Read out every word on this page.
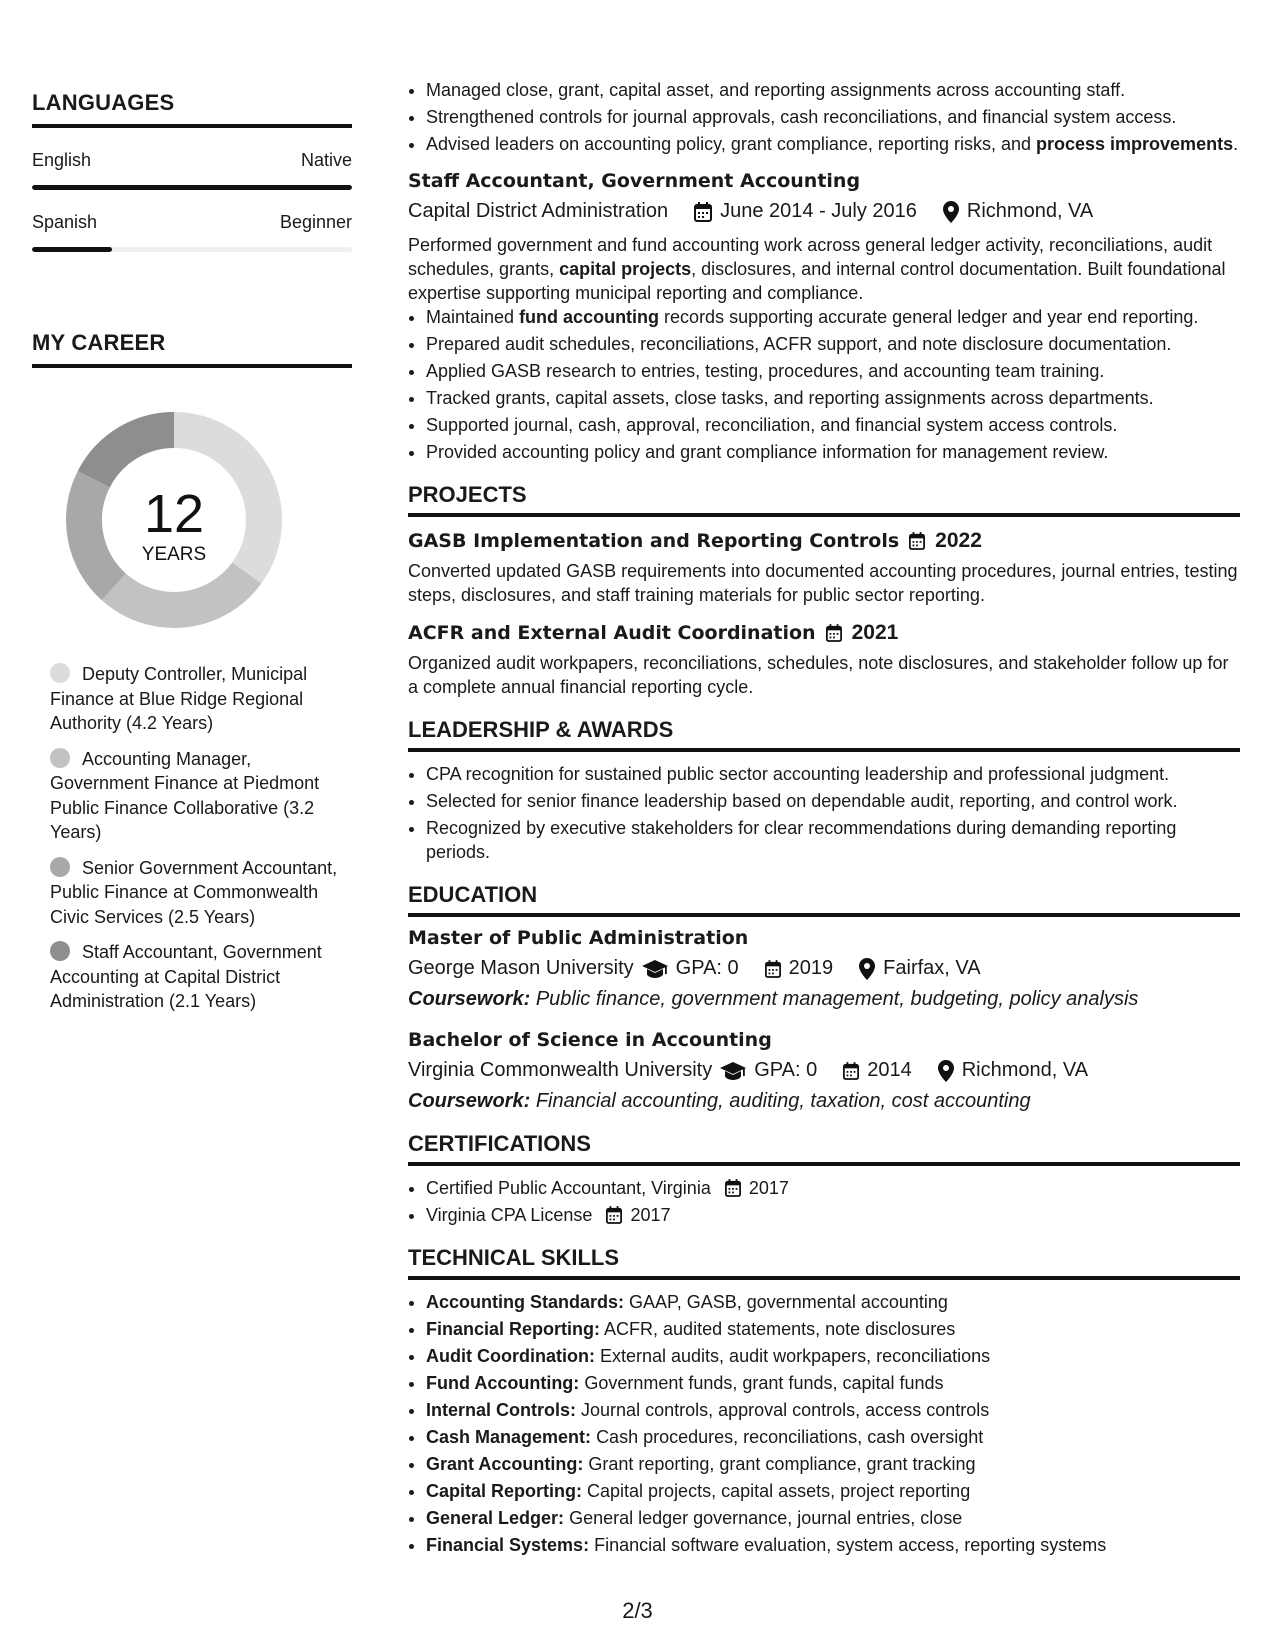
LANGUAGES
English	Native
Spanish	Beginner
MY CAREER
12
YEARS
Deputy Controller, Municipal Finance at Blue Ridge Regional Authority (4.2 Years)
Accounting Manager, Government Finance at Piedmont Public Finance Collaborative (3.2 Years)
Senior Government Accountant, Public Finance at Commonwealth Civic Services (2.5 Years)
Staff Accountant, Government Accounting at Capital District Administration (2.1 Years)
• Managed close, grant, capital asset, and reporting assignments across accounting staff.
• Strengthened controls for journal approvals, cash reconciliations, and financial system access.
• Advised leaders on accounting policy, grant compliance, reporting risks, and process improvements.
Staff Accountant, Government Accounting
Capital District Administration	June 2014 - July 2016	Richmond, VA
Performed government and fund accounting work across general ledger activity, reconciliations, audit schedules, grants, capital projects, disclosures, and internal control documentation. Built foundational expertise supporting municipal reporting and compliance.
• Maintained fund accounting records supporting accurate general ledger and year end reporting.
• Prepared audit schedules, reconciliations, ACFR support, and note disclosure documentation.
• Applied GASB research to entries, testing, procedures, and accounting team training.
• Tracked grants, capital assets, close tasks, and reporting assignments across departments.
• Supported journal, cash, approval, reconciliation, and financial system access controls.
• Provided accounting policy and grant compliance information for management review.
PROJECTS
GASB Implementation and Reporting Controls 2022
Converted updated GASB requirements into documented accounting procedures, journal entries, testing steps, disclosures, and staff training materials for public sector reporting.
ACFR and External Audit Coordination 2021
Organized audit workpapers, reconciliations, schedules, note disclosures, and stakeholder follow up for a complete annual financial reporting cycle.
LEADERSHIP & AWARDS
• CPA recognition for sustained public sector accounting leadership and professional judgment.
• Selected for senior finance leadership based on dependable audit, reporting, and control work.
• Recognized by executive stakeholders for clear recommendations during demanding reporting periods.
EDUCATION
Master of Public Administration
George Mason University GPA: 0	2019	Fairfax, VA
Coursework: Public finance, government management, budgeting, policy analysis
Bachelor of Science in Accounting
Virginia Commonwealth University GPA: 0	2014	Richmond, VA
Coursework: Financial accounting, auditing, taxation, cost accounting
CERTIFICATIONS
• Certified Public Accountant, Virginia 2017
• Virginia CPA License 2017
TECHNICAL SKILLS
• Accounting Standards: GAAP, GASB, governmental accounting
• Financial Reporting: ACFR, audited statements, note disclosures
• Audit Coordination: External audits, audit workpapers, reconciliations
• Fund Accounting: Government funds, grant funds, capital funds
• Internal Controls: Journal controls, approval controls, access controls
• Cash Management: Cash procedures, reconciliations, cash oversight
• Grant Accounting: Grant reporting, grant compliance, grant tracking
• Capital Reporting: Capital projects, capital assets, project reporting
• General Ledger: General ledger governance, journal entries, close
• Financial Systems: Financial software evaluation, system access, reporting systems
2/3
